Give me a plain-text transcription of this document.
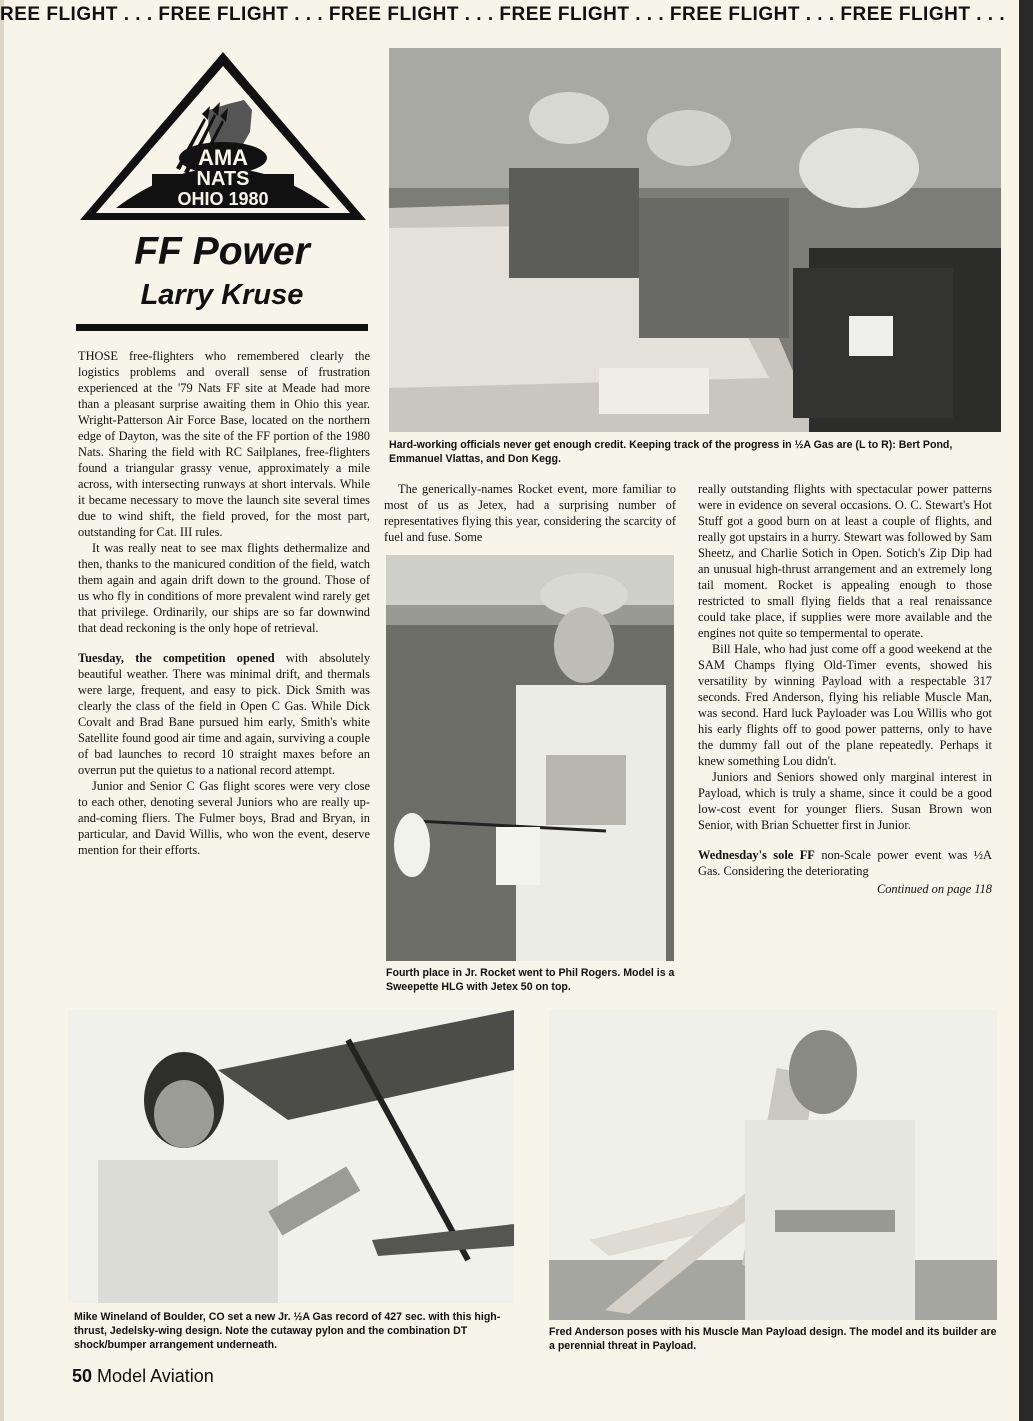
REE FLIGHT . . . FREE FLIGHT . . . FREE FLIGHT . . . FREE FLIGHT . . . FREE FLIGHT . . . FREE FLIGHT . . .
AMA
NATS
OHIO 1980
FF Power
Larry Kruse

THOSE free-flighters who remembered clearly the logistics problems and overall sense of frustration experienced at the '79 Nats FF site at Meade had more than a pleasant surprise awaiting them in Ohio this year. Wright-Patterson Air Force Base, located on the northern edge of Dayton, was the site of the FF portion of the 1980 Nats. Sharing the field with RC Sailplanes, free-flighters found a triangular grassy venue, approximately a mile across, with intersecting runways at short intervals. While it became necessary to move the launch site several times due to wind shift, the field proved, for the most part, outstanding for Cat. III rules.

It was really neat to see max flights dethermalize and then, thanks to the manicured condition of the field, watch them again and again drift down to the ground. Those of us who fly in conditions of more prevalent wind rarely get that privilege. Ordinarily, our ships are so far downwind that dead reckoning is the only hope of retrieval.

Tuesday, the competition opened with absolutely beautiful weather. There was minimal drift, and thermals were large, frequent, and easy to pick. Dick Smith was clearly the class of the field in Open C Gas. While Dick Covalt and Brad Bane pursued him early, Smith's white Satellite found good air time and again, surviving a couple of bad launches to record 10 straight maxes before an overrun put the quietus to a national record attempt.

Junior and Senior C Gas flight scores were very close to each other, denoting several Juniors who are really up-and-coming fliers. The Fulmer boys, Brad and Bryan, in particular, and David Willis, who won the event, deserve mention for their efforts.

Hard-working officials never get enough credit. Keeping track of the progress in ½A Gas are (L to R): Bert Pond, Emmanuel Vlattas, and Don Kegg.

The generically-names Rocket event, more familiar to most of us as Jetex, had a surprising number of representatives flying this year, considering the scarcity of fuel and fuse. Some

Fourth place in Jr. Rocket went to Phil Rogers. Model is a Sweepette HLG with Jetex 50 on top.

really outstanding flights with spectacular power patterns were in evidence on several occasions. O. C. Stewart's Hot Stuff got a good burn on at least a couple of flights, and really got upstairs in a hurry. Stewart was followed by Sam Sheetz, and Charlie Sotich in Open. Sotich's Zip Dip had an unusual high-thrust arrangement and an extremely long tail moment. Rocket is appealing enough to those restricted to small flying fields that a real renaissance could take place, if supplies were more available and the engines not quite so tempermental to operate.

Bill Hale, who had just come off a good weekend at the SAM Champs flying Old-Timer events, showed his versatility by winning Payload with a respectable 317 seconds. Fred Anderson, flying his reliable Muscle Man, was second. Hard luck Payloader was Lou Willis who got his early flights off to good power patterns, only to have the dummy fall out of the plane repeatedly. Perhaps it knew something Lou didn't.

Juniors and Seniors showed only marginal interest in Payload, which is truly a shame, since it could be a good low-cost event for younger fliers. Susan Brown won Senior, with Brian Schuetter first in Junior.

Wednesday's sole FF non-Scale power event was ½A Gas. Considering the deteriorating

Continued on page 118
Mike Wineland of Boulder, CO set a new Jr. ½A Gas record of 427 sec. with this high-thrust, Jedelsky-wing design. Note the cutaway pylon and the combination DT shock/bumper arrangement underneath.
Fred Anderson poses with his Muscle Man Payload design. The model and its builder are a perennial threat in Payload.
50 Model Aviation
